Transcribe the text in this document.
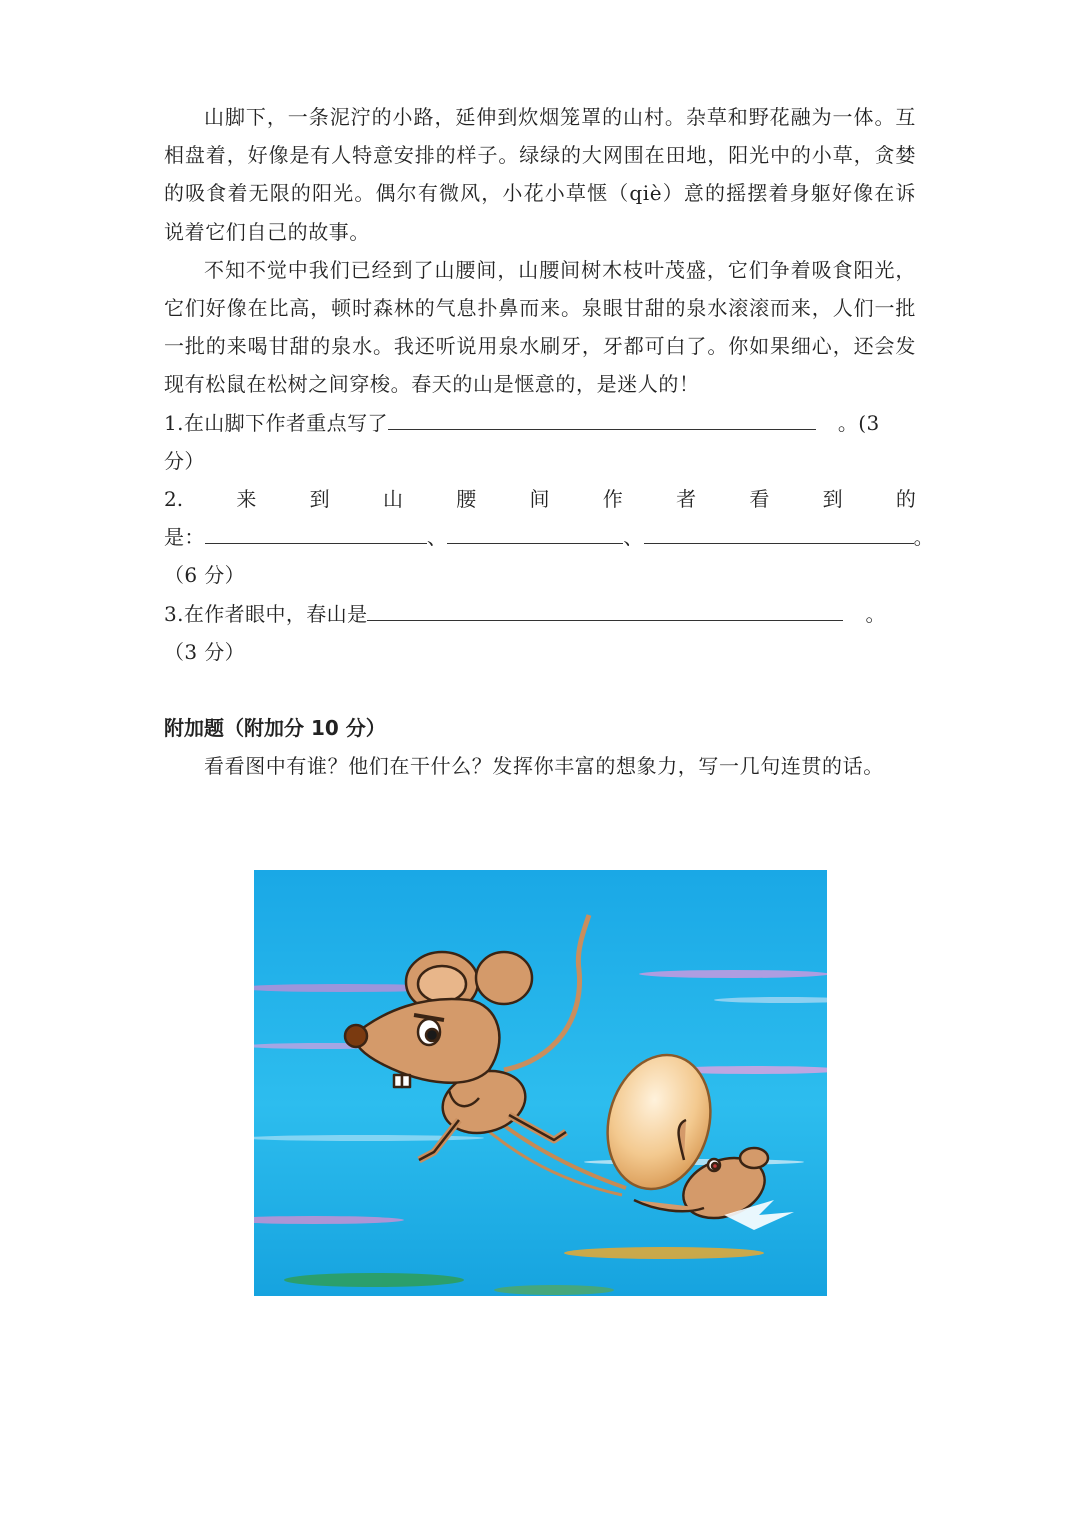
山脚下，一条泥泞的小路，延伸到炊烟笼罩的山村。杂草和野花融为一体。互相盘着，好像是有人特意安排的样子。绿绿的大网围在田地，阳光中的小草，贪婪的吸食着无限的阳光。偶尔有微风，小花小草惬（qiè）意的摇摆着身躯好像在诉说着它们自己的故事。

不知不觉中我们已经到了山腰间，山腰间树木枝叶茂盛，它们争着吸食阳光，它们好像在比高，顿时森林的气息扑鼻而来。泉眼甘甜的泉水滚滚而来，人们一批一批的来喝甘甜的泉水。我还听说用泉水刷牙，牙都可白了。你如果细心，还会发现有松鼠在松树之间穿梭。春天的山是惬意的，是迷人的！

1.在山脚下作者重点写了	。(3

分）

2.	来	到	山	腰	间	作	者	看	到	的

是：	、	、	。

（6 分）

3.在作者眼中，春山是	。

（3 分）

附加题（附加分 10 分）

看看图中有谁？他们在干什么？发挥你丰富的想象力，写一几句连贯的话。
